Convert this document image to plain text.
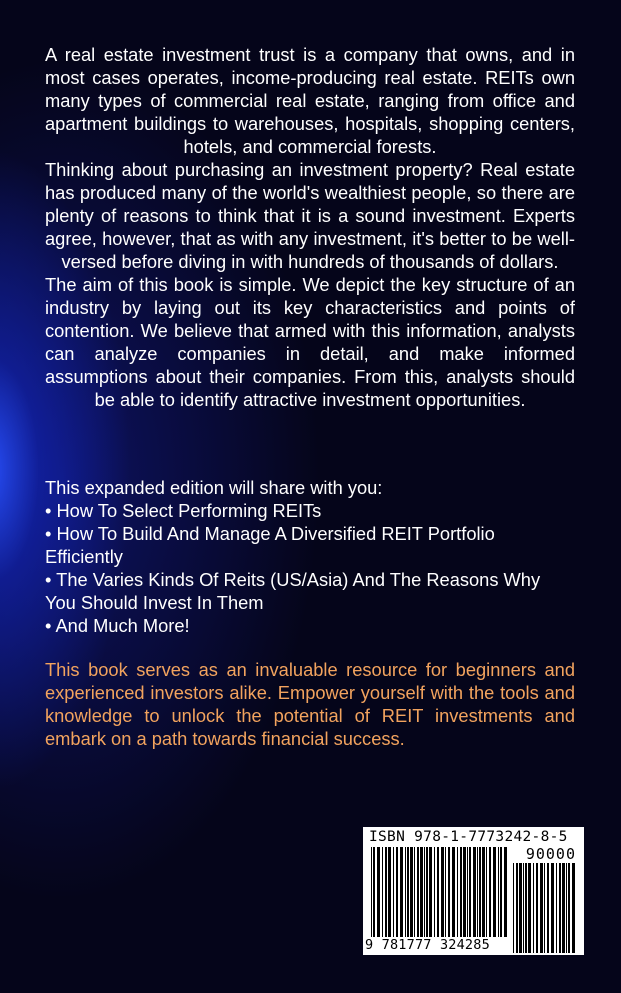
A real estate investment trust is a company that owns, and in most cases operates, income-producing real estate. REITs own many types of commercial real estate, ranging from office and apartment buildings to warehouses, hospitals, shopping centers, hotels, and commercial forests.

Thinking about purchasing an investment property? Real estate has produced many of the world's wealthiest people, so there are plenty of reasons to think that it is a sound investment. Experts agree, however, that as with any investment, it's better to be well-versed before diving in with hundreds of thousands of dollars.

The aim of this book is simple. We depict the key structure of an industry by laying out its key characteristics and points of contention. We believe that armed with this information, analysts can analyze companies in detail, and make informed assumptions about their companies. From this, analysts should be able to identify attractive investment opportunities.

This expanded edition will share with you:

• How To Select Performing REITs

• How To Build And Manage A Diversified REIT Portfolio Efficiently

• The Varies Kinds Of Reits (US/Asia) And The Reasons Why You Should Invest In Them

• And Much More!

This book serves as an invaluable resource for beginners and experienced investors alike. Empower yourself with the tools and knowledge to unlock the potential of REIT investments and embark on a path towards financial success.

ISBN 978-1-7773242-8-5
90000
9 781777 324285
